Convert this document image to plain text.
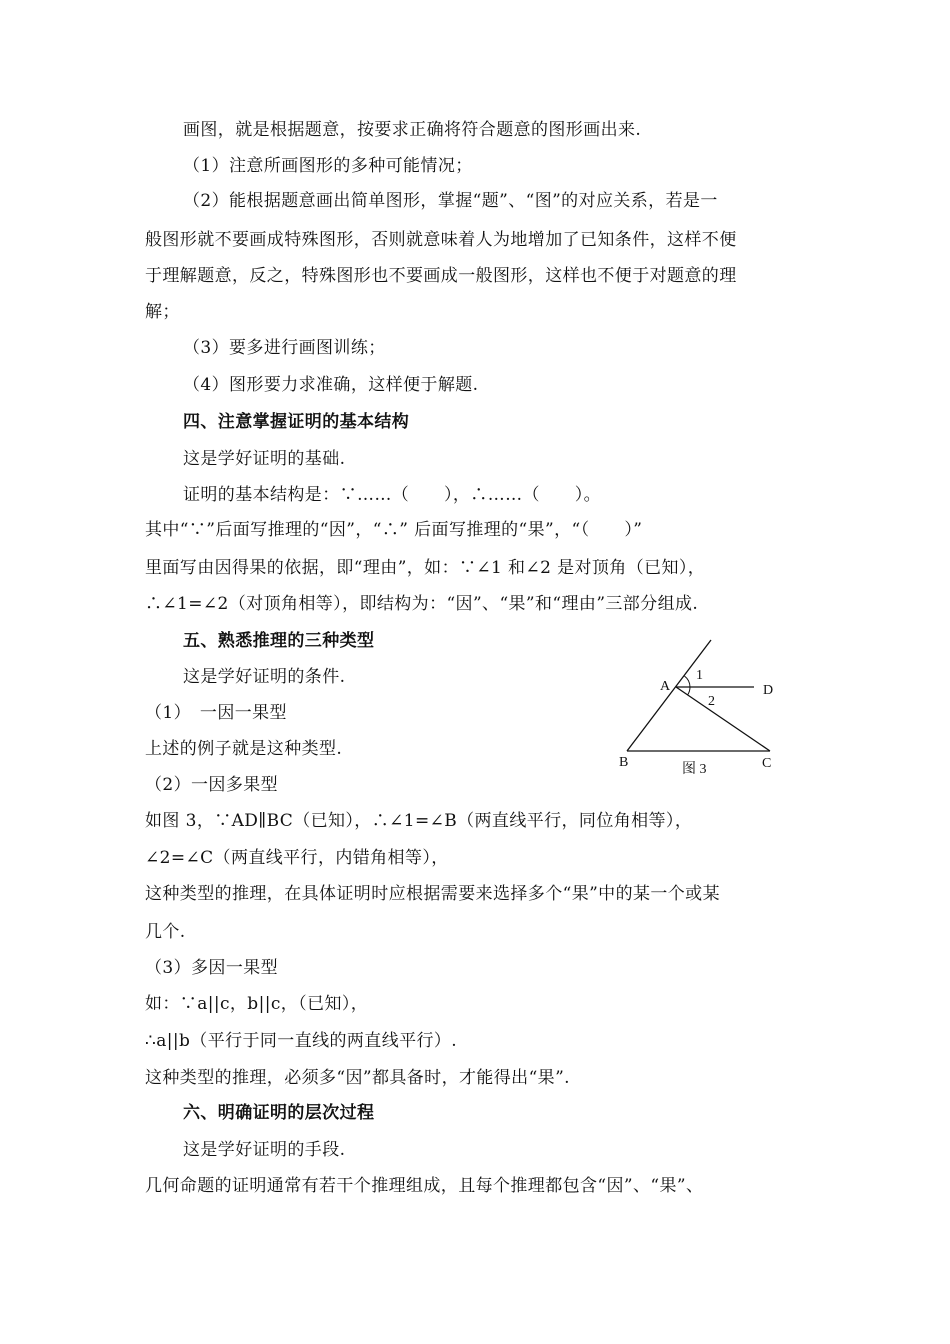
画图，就是根据题意，按要求正确将符合题意的图形画出来.
（1）注意所画图形的多种可能情况；
（2）能根据题意画出简单图形，掌握“题”、“图”的对应关系，若是一
般图形就不要画成特殊图形，否则就意味着人为地增加了已知条件，这样不便
于理解题意，反之，特殊图形也不要画成一般图形，这样也不便于对题意的理
解；
（3）要多进行画图训练；
（4）图形要力求准确，这样便于解题.
四、注意掌握证明的基本结构
这是学好证明的基础.
证明的基本结构是：∵……（　　），∴……（　　）。
其中“∵”后面写推理的“因”，“∴” 后面写推理的“果”，“（　　）”
里面写由因得果的依据，即“理由”，如：∵∠1 和∠2 是对顶角（已知），
∴∠1=∠2（对顶角相等），即结构为：“因”、“果”和“理由”三部分组成.
五、熟悉推理的三种类型
这是学好证明的条件.
（1）　一因一果型
上述的例子就是这种类型.
（2）一因多果型
如图 3，∵AD∥BC（已知），∴∠1=∠B（两直线平行，同位角相等），
∠2=∠C（两直线平行，内错角相等），
这种类型的推理，在具体证明时应根据需要来选择多个“果”中的某一个或某
几个.
（3）多因一果型
如：∵a||c，b||c，（已知），
∴a||b（平行于同一直线的两直线平行）.
这种类型的推理，必须多“因”都具备时，才能得出“果”.
六、明确证明的层次过程
这是学好证明的手段.
几何命题的证明通常有若干个推理组成，且每个推理都包含“因”、“果”、
A
1
D
2
B	图 3	C
